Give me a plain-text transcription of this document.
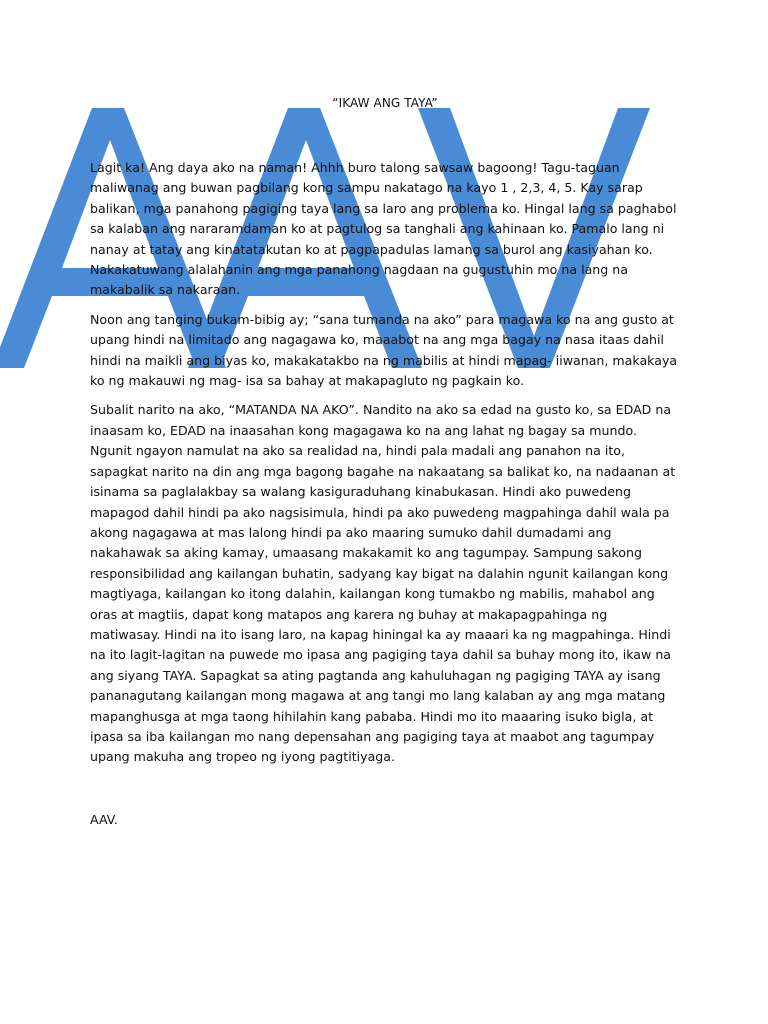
“IKAW ANG TAYA”

Lagit ka! Ang daya ako na naman! Ahhh buro talong sawsaw bagoong! Tagu-taguan maliwanag ang buwan pagbilang kong sampu nakatago na kayo 1 , 2,3, 4, 5. Kay sarap balikan, mga panahong pagiging taya lang sa laro ang problema ko. Hingal lang sa paghabol sa kalaban ang nararamdaman ko at pagtulog sa tanghali ang kahinaan ko. Pamalo lang ni nanay at tatay ang kinatatakutan ko at pagpapadulas lamang sa burol ang kasiyahan ko. Nakakatuwang alalahanin ang mga panahong nagdaan na gugustuhin mo na lang na makabalik sa nakaraan.

Noon ang tanging bukam-bibig ay; “sana tumanda na ako” para magawa ko na ang gusto at upang hindi na limitado ang nagagawa ko, maaabot na ang mga bagay na nasa itaas dahil hindi na maikli ang biyas ko, makakatakbo na ng mabilis at hindi mapag- iiwanan, makakaya ko ng makauwi ng mag- isa sa bahay at makapagluto ng pagkain ko.

Subalit narito na ako, “MATANDA NA AKO”. Nandito na ako sa edad na gusto ko, sa EDAD na inaasam ko, EDAD na inaasahan kong magagawa ko na ang lahat ng bagay sa mundo. Ngunit ngayon namulat na ako sa realidad na, hindi pala madali ang panahon na ito, sapagkat narito na din ang mga bagong bagahe na nakaatang sa balikat ko, na nadaanan at isinama sa paglalakbay sa walang kasiguraduhang kinabukasan. Hindi ako puwedeng mapagod dahil hindi pa ako nagsisimula, hindi pa ako puwedeng magpahinga dahil wala pa akong nagagawa at mas lalong hindi pa ako maaring sumuko dahil dumadami ang nakahawak sa aking kamay, umaasang makakamit ko ang tagumpay. Sampung sakong responsibilidad ang kailangan buhatin, sadyang kay bigat na dalahin ngunit kailangan kong magtiyaga, kailangan ko itong dalahin, kailangan kong tumakbo ng mabilis, mahabol ang oras at magtiis, dapat kong matapos ang karera ng buhay at makapagpahinga ng matiwasay. Hindi na ito isang laro, na kapag hiningal ka ay maaari ka ng magpahinga. Hindi na ito lagit-lagitan na puwede mo ipasa ang pagiging taya dahil sa buhay mong ito, ikaw na ang siyang TAYA. Sapagkat sa ating pagtanda ang kahuluhagan ng pagiging TAYA ay isang pananagutang kailangan mong magawa at ang tangi mo lang kalaban ay ang mga matang mapanghusga at mga taong hihilahin kang pababa. Hindi mo ito maaaring isuko bigla, at ipasa sa iba kailangan mo nang depensahan ang pagiging taya at maabot ang tagumpay upang makuha ang tropeo ng iyong pagtitiyaga.

AAV.
